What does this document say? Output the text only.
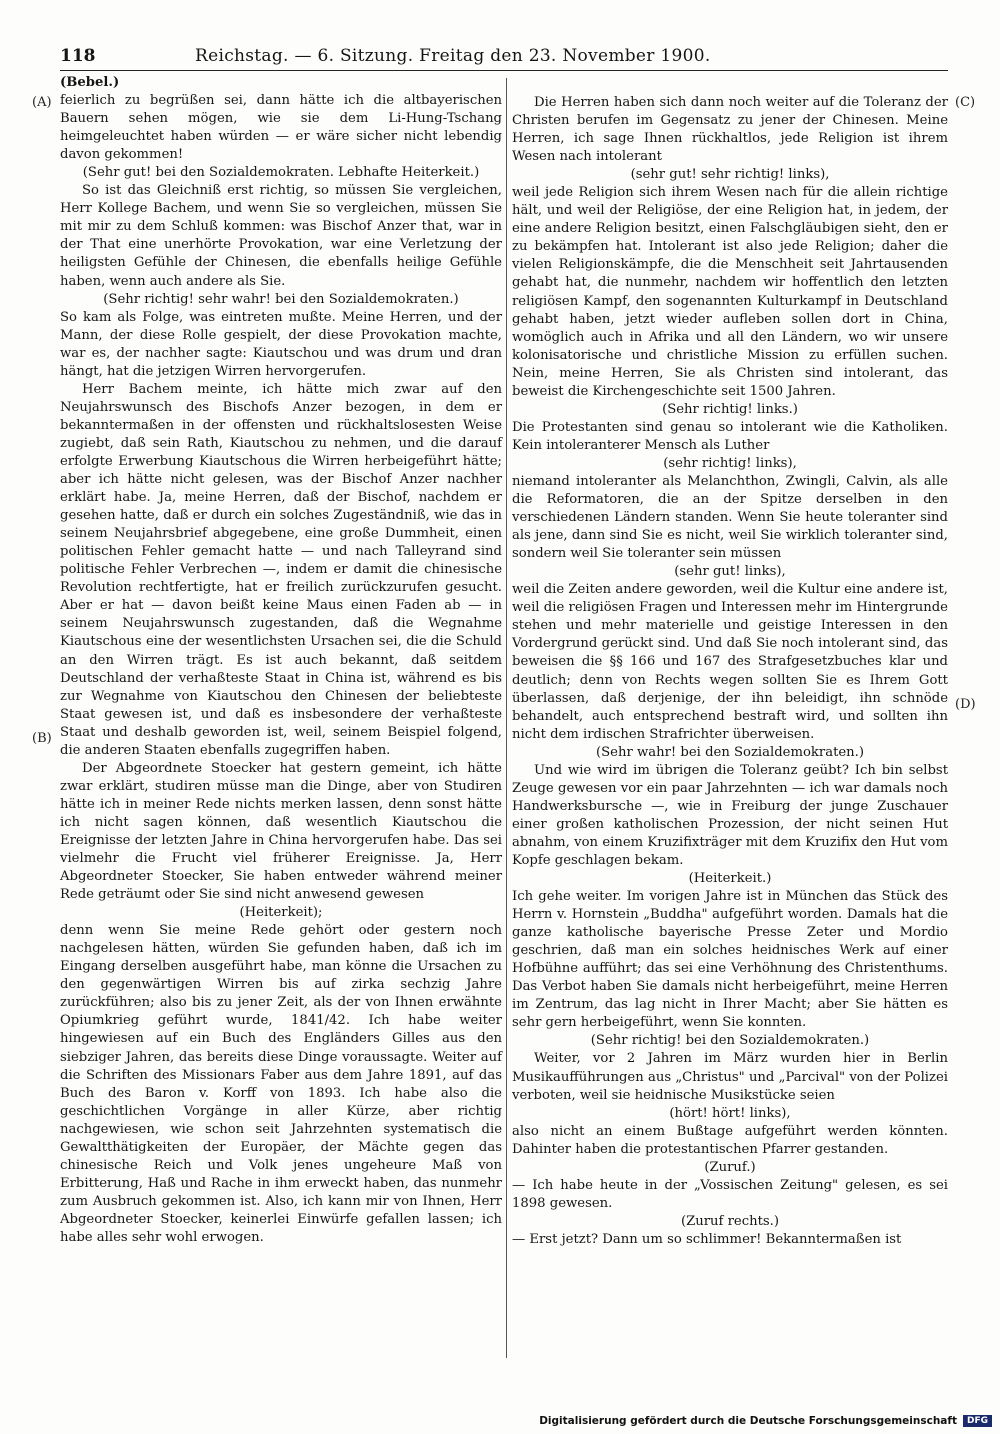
118	Reichstag. — 6. Sitzung. Freitag den 23. November 1900.
(A)
(B)
(C)
(D)

(Bebel.)

feierlich zu begrüßen sei, dann hätte ich die altbayerischen Bauern sehen mögen, wie sie dem Li-Hung-Tschang heimgeleuchtet haben würden — er wäre sicher nicht lebendig davon gekommen!

(Sehr gut! bei den Sozialdemokraten. Lebhafte Heiterkeit.)

So ist das Gleichniß erst richtig, so müssen Sie vergleichen, Herr Kollege Bachem, und wenn Sie so vergleichen, müssen Sie mit mir zu dem Schluß kommen: was Bischof Anzer that, war in der That eine unerhörte Provokation, war eine Verletzung der heiligsten Gefühle der Chinesen, die ebenfalls heilige Gefühle haben, wenn auch andere als Sie.

(Sehr richtig! sehr wahr! bei den Sozialdemokraten.)

So kam als Folge, was eintreten mußte. Meine Herren, und der Mann, der diese Rolle gespielt, der diese Provokation machte, war es, der nachher sagte: Kiautschou und was drum und dran hängt, hat die jetzigen Wirren hervorgerufen.

Herr Bachem meinte, ich hätte mich zwar auf den Neujahrswunsch des Bischofs Anzer bezogen, in dem er bekanntermaßen in der offensten und rückhaltslosesten Weise zugiebt, daß sein Rath, Kiautschou zu nehmen, und die darauf erfolgte Erwerbung Kiautschous die Wirren herbeigeführt hätte; aber ich hätte nicht gelesen, was der Bischof Anzer nachher erklärt habe. Ja, meine Herren, daß der Bischof, nachdem er gesehen hatte, daß er durch ein solches Zugeständniß, wie das in seinem Neujahrsbrief abgegebene, eine große Dummheit, einen politischen Fehler gemacht hatte — und nach Talleyrand sind politische Fehler Verbrechen —, indem er damit die chinesische Revolution rechtfertigte, hat er freilich zurückzurufen gesucht. Aber er hat — davon beißt keine Maus einen Faden ab — in seinem Neujahrswunsch zugestanden, daß die Wegnahme Kiautschous eine der wesentlichsten Ursachen sei, die die Schuld an den Wirren trägt. Es ist auch bekannt, daß seitdem Deutschland der verhaßteste Staat in China ist, während es bis zur Wegnahme von Kiautschou den Chinesen der beliebteste Staat gewesen ist, und daß es insbesondere der verhaßteste Staat und deshalb geworden ist, weil, seinem Beispiel folgend, die anderen Staaten ebenfalls zugegriffen haben.

Der Abgeordnete Stoecker hat gestern gemeint, ich hätte zwar erklärt, studiren müsse man die Dinge, aber von Studiren hätte ich in meiner Rede nichts merken lassen, denn sonst hätte ich nicht sagen können, daß wesentlich Kiautschou die Ereignisse der letzten Jahre in China hervorgerufen habe. Das sei vielmehr die Frucht viel früherer Ereignisse. Ja, Herr Abgeordneter Stoecker, Sie haben entweder während meiner Rede geträumt oder Sie sind nicht anwesend gewesen

(Heiterkeit);

denn wenn Sie meine Rede gehört oder gestern noch nachgelesen hätten, würden Sie gefunden haben, daß ich im Eingang derselben ausgeführt habe, man könne die Ursachen zu den gegenwärtigen Wirren bis auf zirka sechzig Jahre zurückführen; also bis zu jener Zeit, als der von Ihnen erwähnte Opiumkrieg geführt wurde, 1841/42. Ich habe weiter hingewiesen auf ein Buch des Engländers Gilles aus den siebziger Jahren, das bereits diese Dinge voraussagte. Weiter auf die Schriften des Missionars Faber aus dem Jahre 1891, auf das Buch des Baron v. Korff von 1893. Ich habe also die geschichtlichen Vorgänge in aller Kürze, aber richtig nachgewiesen, wie schon seit Jahrzehnten systematisch die Gewaltthätigkeiten der Europäer, der Mächte gegen das chinesische Reich und Volk jenes ungeheure Maß von Erbitterung, Haß und Rache in ihm erweckt haben, das nunmehr zum Ausbruch gekommen ist. Also, ich kann mir von Ihnen, Herr Abgeordneter Stoecker, keinerlei Einwürfe gefallen lassen; ich habe alles sehr wohl erwogen.

Die Herren haben sich dann noch weiter auf die Toleranz der Christen berufen im Gegensatz zu jener der Chinesen. Meine Herren, ich sage Ihnen rückhaltlos, jede Religion ist ihrem Wesen nach intolerant

(sehr gut! sehr richtig! links),

weil jede Religion sich ihrem Wesen nach für die allein richtige hält, und weil der Religiöse, der eine Religion hat, in jedem, der eine andere Religion besitzt, einen Falschgläubigen sieht, den er zu bekämpfen hat. Intolerant ist also jede Religion; daher die vielen Religionskämpfe, die die Menschheit seit Jahrtausenden gehabt hat, die nunmehr, nachdem wir hoffentlich den letzten religiösen Kampf, den sogenannten Kulturkampf in Deutschland gehabt haben, jetzt wieder aufleben sollen dort in China, womöglich auch in Afrika und all den Ländern, wo wir unsere kolonisatorische und christliche Mission zu erfüllen suchen. Nein, meine Herren, Sie als Christen sind intolerant, das beweist die Kirchengeschichte seit 1500 Jahren.

(Sehr richtig! links.)

Die Protestanten sind genau so intolerant wie die Katholiken. Kein intoleranterer Mensch als Luther

(sehr richtig! links),

niemand intoleranter als Melanchthon, Zwingli, Calvin, als alle die Reformatoren, die an der Spitze derselben in den verschiedenen Ländern standen. Wenn Sie heute toleranter sind als jene, dann sind Sie es nicht, weil Sie wirklich toleranter sind, sondern weil Sie toleranter sein müssen

(sehr gut! links),

weil die Zeiten andere geworden, weil die Kultur eine andere ist, weil die religiösen Fragen und Interessen mehr im Hintergrunde stehen und mehr materielle und geistige Interessen in den Vordergrund gerückt sind. Und daß Sie noch intolerant sind, das beweisen die §§ 166 und 167 des Strafgesetzbuches klar und deutlich; denn von Rechts wegen sollten Sie es Ihrem Gott überlassen, daß derjenige, der ihn beleidigt, ihn schnöde behandelt, auch entsprechend bestraft wird, und sollten ihn nicht dem irdischen Strafrichter überweisen.

(Sehr wahr! bei den Sozialdemokraten.)

Und wie wird im übrigen die Toleranz geübt? Ich bin selbst Zeuge gewesen vor ein paar Jahrzehnten — ich war damals noch Handwerksbursche —, wie in Freiburg der junge Zuschauer einer großen katholischen Prozession, der nicht seinen Hut abnahm, von einem Kruzifixträger mit dem Kruzifix den Hut vom Kopfe geschlagen bekam.

(Heiterkeit.)

Ich gehe weiter. Im vorigen Jahre ist in München das Stück des Herrn v. Hornstein „Buddha" aufgeführt worden. Damals hat die ganze katholische bayerische Presse Zeter und Mordio geschrien, daß man ein solches heidnisches Werk auf einer Hofbühne aufführt; das sei eine Verhöhnung des Christenthums. Das Verbot haben Sie damals nicht herbeigeführt, meine Herren im Zentrum, das lag nicht in Ihrer Macht; aber Sie hätten es sehr gern herbeigeführt, wenn Sie konnten.

(Sehr richtig! bei den Sozialdemokraten.)

Weiter, vor 2 Jahren im März wurden hier in Berlin Musikaufführungen aus „Christus" und „Parcival" von der Polizei verboten, weil sie heidnische Musikstücke seien

(hört! hört! links),

also nicht an einem Bußtage aufgeführt werden könnten. Dahinter haben die protestantischen Pfarrer gestanden.

(Zuruf.)

— Ich habe heute in der „Vossischen Zeitung" gelesen, es sei 1898 gewesen.

(Zuruf rechts.)

— Erst jetzt? Dann um so schlimmer! Bekanntermaßen ist

Digitalisierung gefördert durch die Deutsche Forschungsgemeinschaft	DFG
